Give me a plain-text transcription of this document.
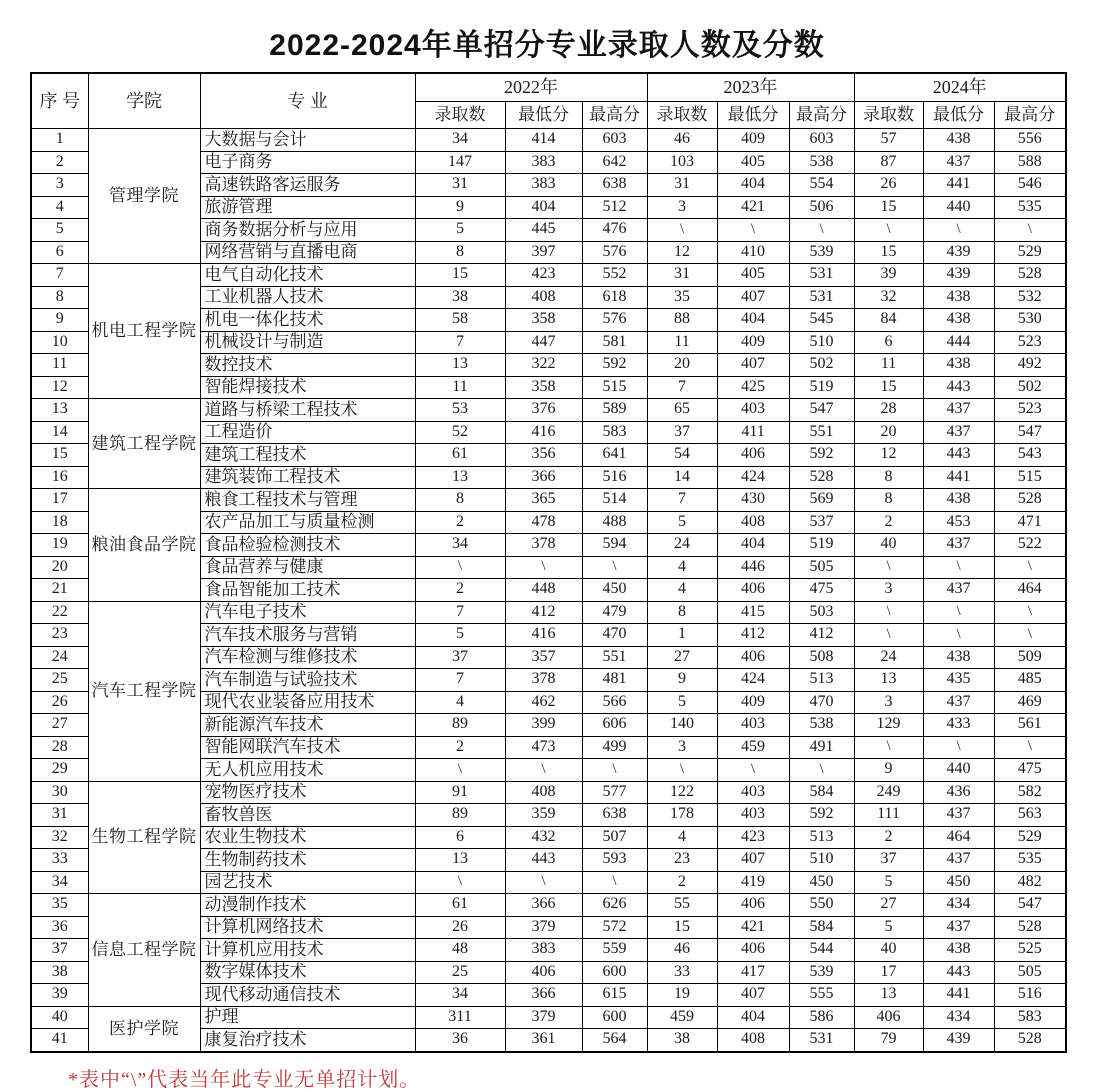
2022-2024年单招分专业录取人数及分数
序 号	学院	专 业	2022年			2023年			2024年		
			录取数	最低分	最高分	录取数	最低分	最高分	录取数	最低分	最高分
1	管理学院	大数据与会计	34	414	603	46	409	603	57	438	556
2		电子商务	147	383	642	103	405	538	87	437	588
3		高速铁路客运服务	31	383	638	31	404	554	26	441	546
4		旅游管理	9	404	512	3	421	506	15	440	535
5		商务数据分析与应用	5	445	476	\	\	\	\	\	\
6		网络营销与直播电商	8	397	576	12	410	539	15	439	529
7	机电工程学院	电气自动化技术	15	423	552	31	405	531	39	439	528
8		工业机器人技术	38	408	618	35	407	531	32	438	532
9		机电一体化技术	58	358	576	88	404	545	84	438	530
10		机械设计与制造	7	447	581	11	409	510	6	444	523
11		数控技术	13	322	592	20	407	502	11	438	492
12		智能焊接技术	11	358	515	7	425	519	15	443	502
13	建筑工程学院	道路与桥梁工程技术	53	376	589	65	403	547	28	437	523
14		工程造价	52	416	583	37	411	551	20	437	547
15		建筑工程技术	61	356	641	54	406	592	12	443	543
16		建筑装饰工程技术	13	366	516	14	424	528	8	441	515
17	粮油食品学院	粮食工程技术与管理	8	365	514	7	430	569	8	438	528
18		农产品加工与质量检测	2	478	488	5	408	537	2	453	471
19		食品检验检测技术	34	378	594	24	404	519	40	437	522
20		食品营养与健康	\	\	\	4	446	505	\	\	\
21		食品智能加工技术	2	448	450	4	406	475	3	437	464
22	汽车工程学院	汽车电子技术	7	412	479	8	415	503	\	\	\
23		汽车技术服务与营销	5	416	470	1	412	412	\	\	\
24		汽车检测与维修技术	37	357	551	27	406	508	24	438	509
25		汽车制造与试验技术	7	378	481	9	424	513	13	435	485
26		现代农业装备应用技术	4	462	566	5	409	470	3	437	469
27		新能源汽车技术	89	399	606	140	403	538	129	433	561
28		智能网联汽车技术	2	473	499	3	459	491	\	\	\
29		无人机应用技术	\	\	\	\	\	\	9	440	475
30	生物工程学院	宠物医疗技术	91	408	577	122	403	584	249	436	582
31		畜牧兽医	89	359	638	178	403	592	111	437	563
32		农业生物技术	6	432	507	4	423	513	2	464	529
33		生物制药技术	13	443	593	23	407	510	37	437	535
34		园艺技术	\	\	\	2	419	450	5	450	482
35	信息工程学院	动漫制作技术	61	366	626	55	406	550	27	434	547
36		计算机网络技术	26	379	572	15	421	584	5	437	528
37		计算机应用技术	48	383	559	46	406	544	40	438	525
38		数字媒体技术	25	406	600	33	417	539	17	443	505
39		现代移动通信技术	34	366	615	19	407	555	13	441	516
40	医护学院	护理	311	379	600	459	404	586	406	434	583
41		康复治疗技术	36	361	564	38	408	531	79	439	528
*表中“\”代表当年此专业无单招计划。
